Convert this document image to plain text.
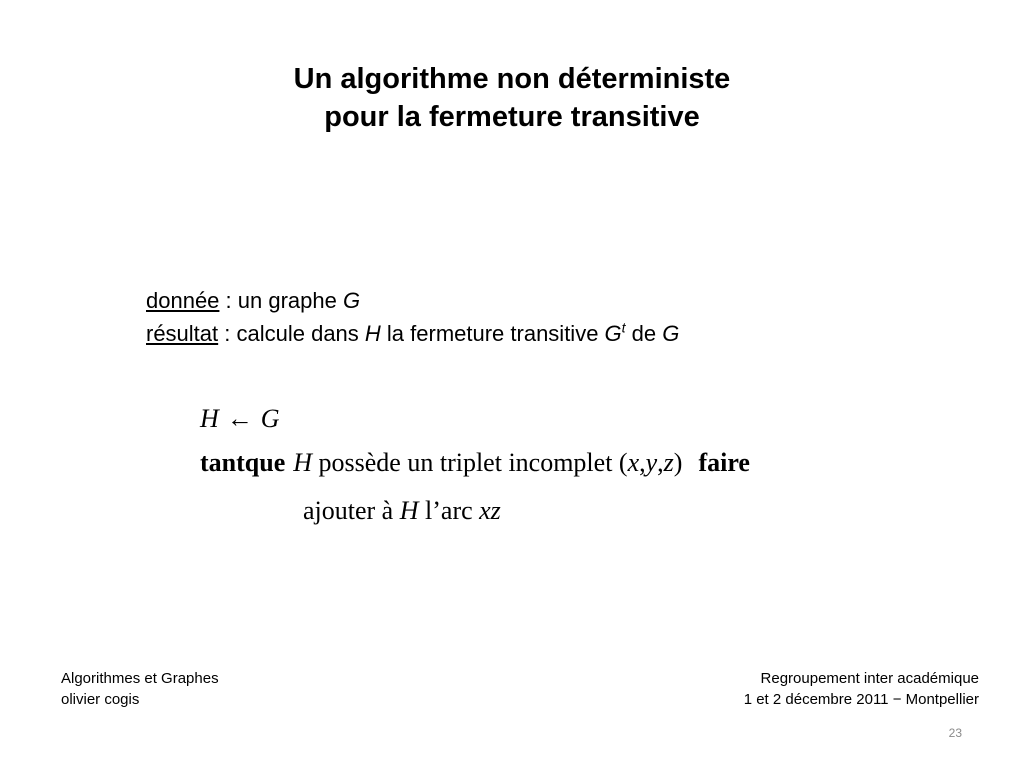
Un algorithme non déterministe
pour la fermeture transitive
donnée : un graphe G
résultat : calcule dans H la fermeture transitive $G^t$ de G
H ← G
tantque H possède un triplet incomplet (x,y,z) faire
ajouter à H l’arc xz
Algorithmes et Graphes
olivier cogis
Regroupement inter académique
1 et 2 décembre 2011 − Montpellier
23
